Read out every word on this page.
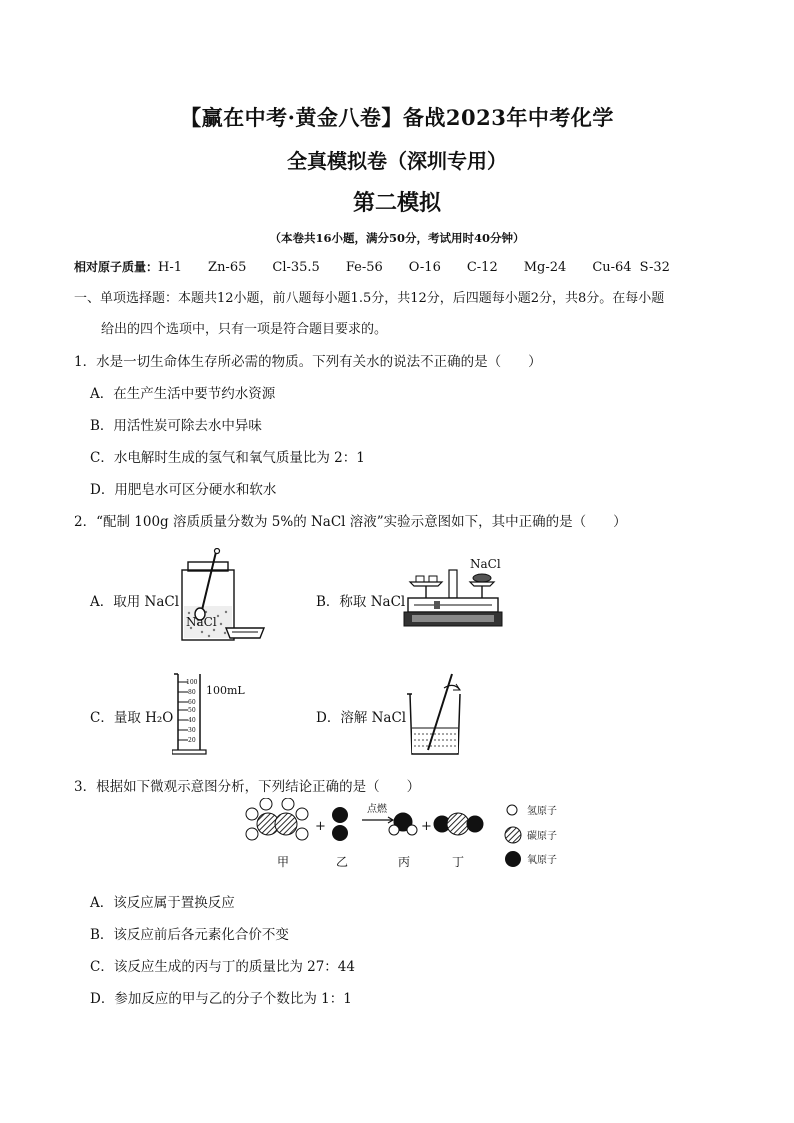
【赢在中考·黄金八卷】备战2023年中考化学
全真模拟卷（深圳专用）
第二模拟
（本卷共16小题，满分50分，考试用时40分钟）
相对原子质量：H-1 Zn-65 Cl-35.5 Fe-56 O-16 C-12 Mg-24 Cu-64 S-32
一、单项选择题：本题共12小题，前八题每小题1.5分，共12分，后四题每小题2分，共8分。在每小题
给出的四个选项中，只有一项是符合题目要求的。
1．水是一切生命体生存所必需的物质。下列有关水的说法不正确的是（　　）
A．在生产生活中要节约水资源
B．用活性炭可除去水中异味
C．水电解时生成的氢气和氧气质量比为 2：1
D．用肥皂水可区分硬水和软水
2．“配制 100g 溶质质量分数为 5%的 NaCl 溶液”实验示意图如下，其中正确的是（　　）
A．取用 NaCl	B．称取 NaCl
C．量取 H₂O	D．溶解 NaCl
NaCl
NaCl
100
80
60
50
40
30
20
100mL
3．根据如下微观示意图分析，下列结论正确的是（　　）
+
点燃
+
甲	乙	丙	丁
氢原子
碳原子
氧原子
A．该反应属于置换反应
B．该反应前后各元素化合价不变
C．该反应生成的丙与丁的质量比为 27：44
D．参加反应的甲与乙的分子个数比为 1：1
